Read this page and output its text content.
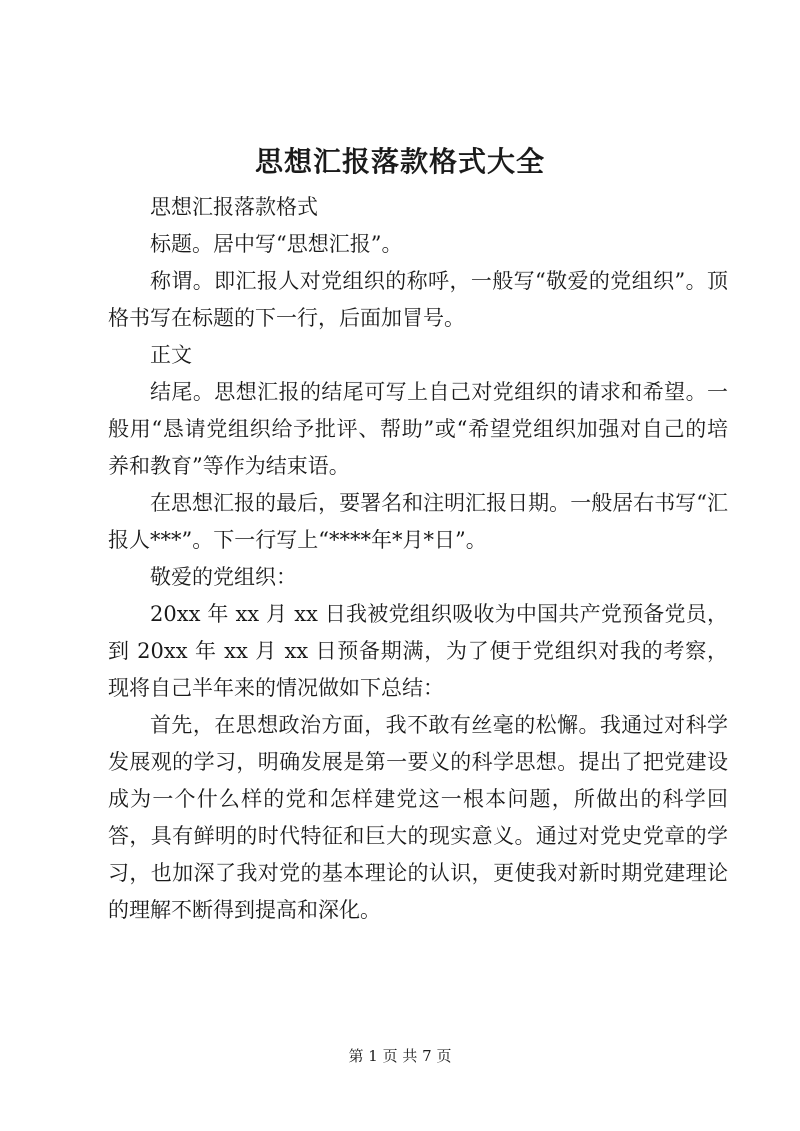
思想汇报落款格式大全

思想汇报落款格式

标题。居中写“思想汇报”。

称谓。即汇报人对党组织的称呼，一般写“敬爱的党组织”。顶格书写在标题的下一行，后面加冒号。

正文

结尾。思想汇报的结尾可写上自己对党组织的请求和希望。一般用“恳请党组织给予批评、帮助”或“希望党组织加强对自己的培养和教育”等作为结束语。

在思想汇报的最后，要署名和注明汇报日期。一般居右书写“汇报人***”。下一行写上“****年*月*日”。

敬爱的党组织：

20xx 年 xx 月 xx 日我被党组织吸收为中国共产党预备党员，到 20xx 年 xx 月 xx 日预备期满，为了便于党组织对我的考察，现将自己半年来的情况做如下总结：

首先，在思想政治方面，我不敢有丝毫的松懈。我通过对科学发展观的学习，明确发展是第一要义的科学思想。提出了把党建设成为一个什么样的党和怎样建党这一根本问题，所做出的科学回答，具有鲜明的时代特征和巨大的现实意义。通过对党史党章的学习，也加深了我对党的基本理论的认识，更使我对新时期党建理论的理解不断得到提高和深化。

第 1 页 共 7 页
